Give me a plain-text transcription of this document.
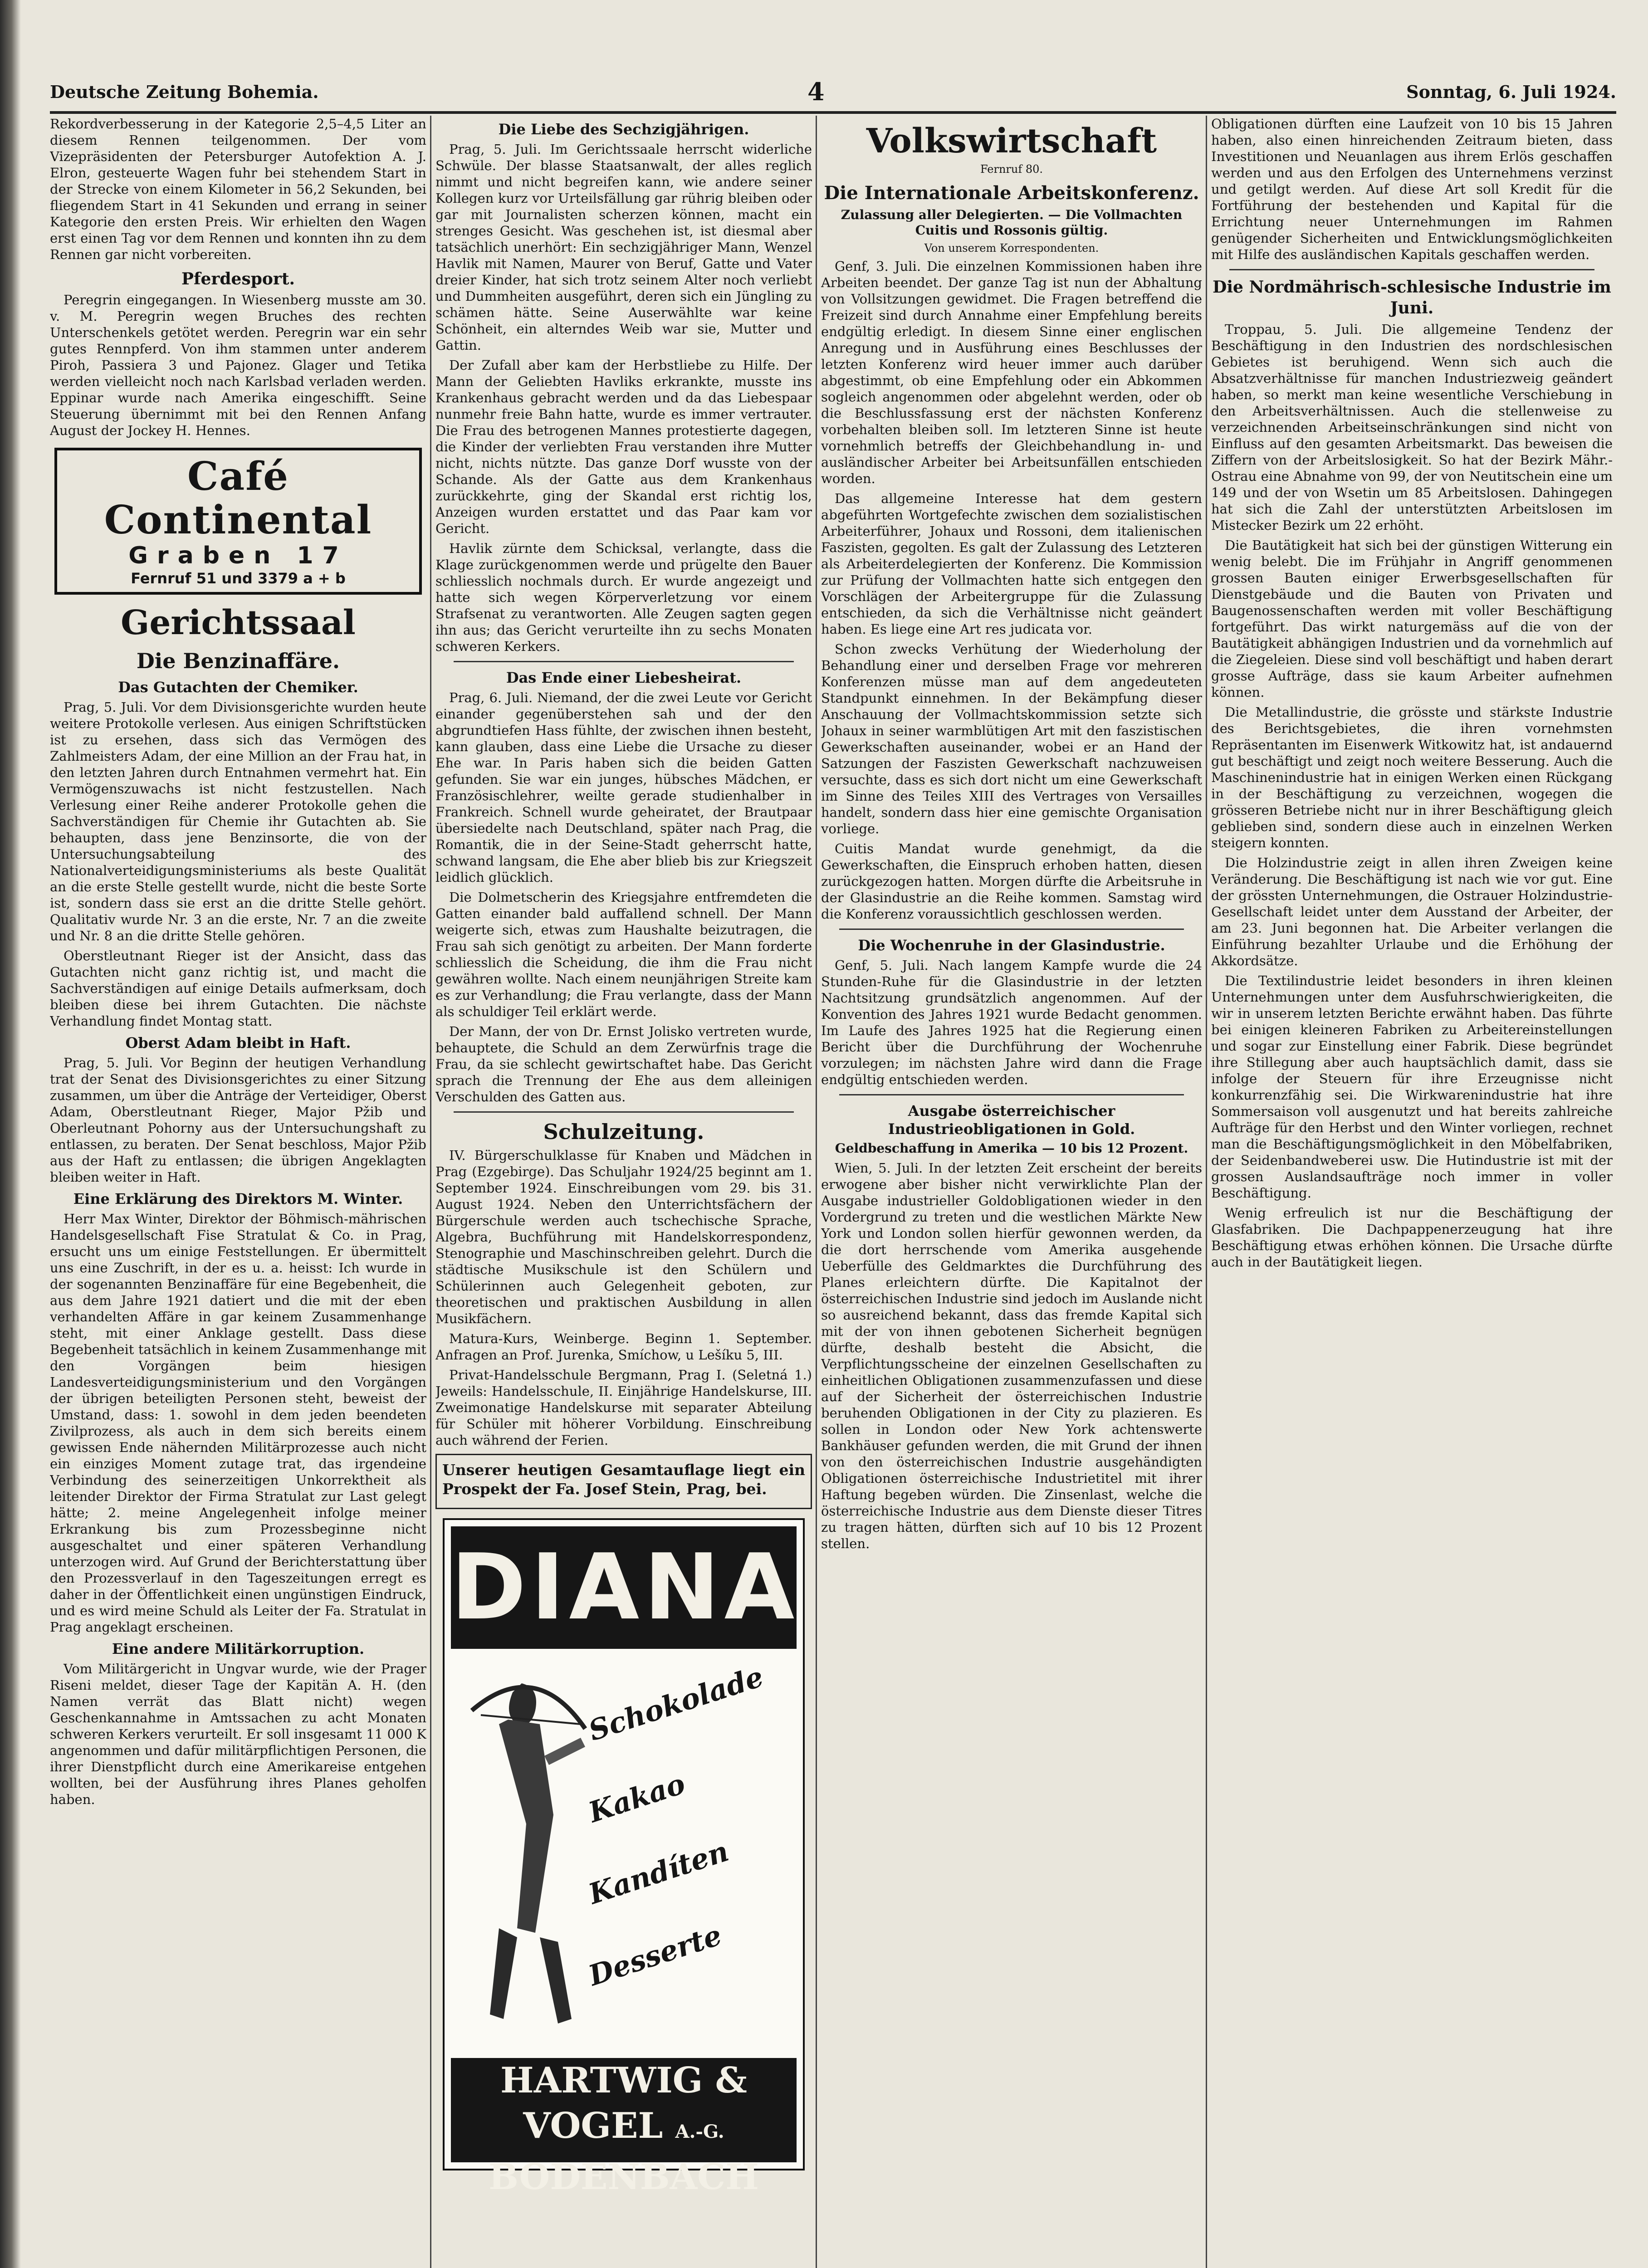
Deutsche Zeitung Bohemia.	4	Sonntag, 6. Juli 1924.

Rekordverbesserung in der Kategorie 2,5–4,5 Liter an diesem Rennen teilgenommen. Der vom Vizepräsidenten der Petersburger Autofektion A. J. Elron, gesteuerte Wagen fuhr bei stehendem Start in der Strecke von einem Kilometer in 56,2 Sekunden, bei fliegendem Start in 41 Sekunden und errang in seiner Kategorie den ersten Preis. Wir erhielten den Wagen erst einen Tag vor dem Rennen und konnten ihn zu dem Rennen gar nicht vorbereiten.

Pferdesport.

Peregrin eingegangen. In Wiesenberg musste am 30. v. M. Peregrin wegen Bruches des rechten Unterschenkels getötet werden. Peregrin war ein sehr gutes Rennpferd. Von ihm stammen unter anderem Piroh, Passiera 3 und Pajonez. Glager und Tetika werden vielleicht noch nach Karlsbad verladen werden. Eppinar wurde nach Amerika eingeschifft. Seine Steuerung übernimmt mit bei den Rennen Anfang August der Jockey H. Hennes.

Café Continental
Graben 17
Fernruf 51 und 3379 a + b
Gerichtssaal
Die Benzinaffäre.
Das Gutachten der Chemiker.

Prag, 5. Juli. Vor dem Divisionsgerichte wurden heute weitere Protokolle verlesen. Aus einigen Schriftstücken ist zu ersehen, dass sich das Vermögen des Zahlmeisters Adam, der eine Million an der Frau hat, in den letzten Jahren durch Entnahmen vermehrt hat. Ein Vermögenszuwachs ist nicht festzustellen. Nach Verlesung einer Reihe anderer Protokolle gehen die Sachverständigen für Chemie ihr Gutachten ab. Sie behaupten, dass jene Benzinsorte, die von der Untersuchungsabteilung des Nationalverteidigungsministeriums als beste Qualität an die erste Stelle gestellt wurde, nicht die beste Sorte ist, sondern dass sie erst an die dritte Stelle gehört. Qualitativ wurde Nr. 3 an die erste, Nr. 7 an die zweite und Nr. 8 an die dritte Stelle gehören.

Oberstleutnant Rieger ist der Ansicht, dass das Gutachten nicht ganz richtig ist, und macht die Sachverständigen auf einige Details aufmerksam, doch bleiben diese bei ihrem Gutachten. Die nächste Verhandlung findet Montag statt.

Oberst Adam bleibt in Haft.

Prag, 5. Juli. Vor Beginn der heutigen Verhandlung trat der Senat des Divisionsgerichtes zu einer Sitzung zusammen, um über die Anträge der Verteidiger, Oberst Adam, Oberstleutnant Rieger, Major Pžib und Oberleutnant Pohorny aus der Untersuchungshaft zu entlassen, zu beraten. Der Senat beschloss, Major Pžib aus der Haft zu entlassen; die übrigen Angeklagten bleiben weiter in Haft.

Eine Erklärung des Direktors M. Winter.

Herr Max Winter, Direktor der Böhmisch-mährischen Handelsgesellschaft Fise Stratulat & Co. in Prag, ersucht uns um einige Feststellungen. Er übermittelt uns eine Zuschrift, in der es u. a. heisst: Ich wurde in der sogenannten Benzinaffäre für eine Begebenheit, die aus dem Jahre 1921 datiert und die mit der eben verhandelten Affäre in gar keinem Zusammenhange steht, mit einer Anklage gestellt. Dass diese Begebenheit tatsächlich in keinem Zusammenhange mit den Vorgängen beim hiesigen Landesverteidigungsministerium und den Vorgängen der übrigen beteiligten Personen steht, beweist der Umstand, dass: 1. sowohl in dem jeden beendeten Zivilprozess, als auch in dem sich bereits einem gewissen Ende nähernden Militärprozesse auch nicht ein einziges Moment zutage trat, das irgendeine Verbindung des seinerzeitigen Unkorrektheit als leitender Direktor der Firma Stratulat zur Last gelegt hätte; 2. meine Angelegenheit infolge meiner Erkrankung bis zum Prozessbeginne nicht ausgeschaltet und einer späteren Verhandlung unterzogen wird. Auf Grund der Berichterstattung über den Prozessverlauf in den Tageszeitungen erregt es daher in der Öffentlichkeit einen ungünstigen Eindruck, und es wird meine Schuld als Leiter der Fa. Stratulat in Prag angeklagt erscheinen.

Eine andere Militärkorruption.

Vom Militärgericht in Ungvar wurde, wie der Prager Riseni meldet, dieser Tage der Kapitän A. H. (den Namen verrät das Blatt nicht) wegen Geschenkannahme in Amtssachen zu acht Monaten schweren Kerkers verurteilt. Er soll insgesamt 11 000 K angenommen und dafür militärpflichtigen Personen, die ihrer Dienstpflicht durch eine Amerikareise entgehen wollten, bei der Ausführung ihres Planes geholfen haben.

Die Liebe des Sechzigjährigen.

Prag, 5. Juli. Im Gerichtssaale herrscht widerliche Schwüle. Der blasse Staatsanwalt, der alles reglich nimmt und nicht begreifen kann, wie andere seiner Kollegen kurz vor Urteilsfällung gar rührig bleiben oder gar mit Journalisten scherzen können, macht ein strenges Gesicht. Was geschehen ist, ist diesmal aber tatsächlich unerhört: Ein sechzigjähriger Mann, Wenzel Havlik mit Namen, Maurer von Beruf, Gatte und Vater dreier Kinder, hat sich trotz seinem Alter noch verliebt und Dummheiten ausgeführt, deren sich ein Jüngling zu schämen hätte. Seine Auserwählte war keine Schönheit, ein alterndes Weib war sie, Mutter und Gattin.

Der Zufall aber kam der Herbstliebe zu Hilfe. Der Mann der Geliebten Havliks erkrankte, musste ins Krankenhaus gebracht werden und da das Liebespaar nunmehr freie Bahn hatte, wurde es immer vertrauter. Die Frau des betrogenen Mannes protestierte dagegen, die Kinder der verliebten Frau verstanden ihre Mutter nicht, nichts nützte. Das ganze Dorf wusste von der Schande. Als der Gatte aus dem Krankenhaus zurückkehrte, ging der Skandal erst richtig los, Anzeigen wurden erstattet und das Paar kam vor Gericht.

Havlik zürnte dem Schicksal, verlangte, dass die Klage zurückgenommen werde und prügelte den Bauer schliesslich nochmals durch. Er wurde angezeigt und hatte sich wegen Körperverletzung vor einem Strafsenat zu verantworten. Alle Zeugen sagten gegen ihn aus; das Gericht verurteilte ihn zu sechs Monaten schweren Kerkers.

Das Ende einer Liebesheirat.

Prag, 6. Juli. Niemand, der die zwei Leute vor Gericht einander gegenüberstehen sah und der den abgrundtiefen Hass fühlte, der zwischen ihnen besteht, kann glauben, dass eine Liebe die Ursache zu dieser Ehe war. In Paris haben sich die beiden Gatten gefunden. Sie war ein junges, hübsches Mädchen, er Französischlehrer, weilte gerade studienhalber in Frankreich. Schnell wurde geheiratet, der Brautpaar übersiedelte nach Deutschland, später nach Prag, die Romantik, die in der Seine-Stadt geherrscht hatte, schwand langsam, die Ehe aber blieb bis zur Kriegszeit leidlich glücklich.

Die Dolmetscherin des Kriegsjahre entfremdeten die Gatten einander bald auffallend schnell. Der Mann weigerte sich, etwas zum Haushalte beizutragen, die Frau sah sich genötigt zu arbeiten. Der Mann forderte schliesslich die Scheidung, die ihm die Frau nicht gewähren wollte. Nach einem neunjährigen Streite kam es zur Verhandlung; die Frau verlangte, dass der Mann als schuldiger Teil erklärt werde.

Der Mann, der von Dr. Ernst Jolisko vertreten wurde, behauptete, die Schuld an dem Zerwürfnis trage die Frau, da sie schlecht gewirtschaftet habe. Das Gericht sprach die Trennung der Ehe aus dem alleinigen Verschulden des Gatten aus.

Schulzeitung.

IV. Bürgerschulklasse für Knaben und Mädchen in Prag (Ezgebirge). Das Schuljahr 1924/25 beginnt am 1. September 1924. Einschreibungen vom 29. bis 31. August 1924. Neben den Unterrichtsfächern der Bürgerschule werden auch tschechische Sprache, Algebra, Buchführung mit Handelskorrespondenz, Stenographie und Maschinschreiben gelehrt. Durch die städtische Musikschule ist den Schülern und Schülerinnen auch Gelegenheit geboten, zur theoretischen und praktischen Ausbildung in allen Musikfächern.

Matura-Kurs, Weinberge. Beginn 1. September. Anfragen an Prof. Jurenka, Smíchow, u Lešíku 5, III.

Privat-Handelsschule Bergmann, Prag I. (Seletná 1.) Jeweils: Handelsschule, II. Einjährige Handelskurse, III. Zweimonatige Handelskurse mit separater Abteilung für Schüler mit höherer Vorbildung. Einschreibung auch während der Ferien.

Unserer heutigen Gesamtauflage liegt ein Prospekt der Fa. Josef Stein, Prag, bei.

DIANA
Schokolade
Kakao
Kandíten
Desserte
HARTWIG & VOGEL A.-G.
BODENBACH
Volkswirtschaft
Fernruf 80.
Die Internationale Arbeitskonferenz.
Zulassung aller Delegierten. — Die Vollmachten Cuitis und Rossonis gültig.
Von unserem Korrespondenten.

Genf, 3. Juli. Die einzelnen Kommissionen haben ihre Arbeiten beendet. Der ganze Tag ist nun der Abhaltung von Vollsitzungen gewidmet. Die Fragen betreffend die Freizeit sind durch Annahme einer Empfehlung bereits endgültig erledigt. In diesem Sinne einer englischen Anregung und in Ausführung eines Beschlusses der letzten Konferenz wird heuer immer auch darüber abgestimmt, ob eine Empfehlung oder ein Abkommen sogleich angenommen oder abgelehnt werden, oder ob die Beschlussfassung erst der nächsten Konferenz vorbehalten bleiben soll. Im letzteren Sinne ist heute vornehmlich betreffs der Gleichbehandlung in- und ausländischer Arbeiter bei Arbeitsunfällen entschieden worden.

Das allgemeine Interesse hat dem gestern abgeführten Wortgefechte zwischen dem sozialistischen Arbeiterführer, Johaux und Rossoni, dem italienischen Faszisten, gegolten. Es galt der Zulassung des Letzteren als Arbeiterdelegierten der Konferenz. Die Kommission zur Prüfung der Vollmachten hatte sich entgegen den Vorschlägen der Arbeitergruppe für die Zulassung entschieden, da sich die Verhältnisse nicht geändert haben. Es liege eine Art res judicata vor.

Schon zwecks Verhütung der Wiederholung der Behandlung einer und derselben Frage vor mehreren Konferenzen müsse man auf dem angedeuteten Standpunkt einnehmen. In der Bekämpfung dieser Anschauung der Vollmachtskommission setzte sich Johaux in seiner warmblütigen Art mit den faszistischen Gewerkschaften auseinander, wobei er an Hand der Satzungen der Faszisten Gewerkschaft nachzuweisen versuchte, dass es sich dort nicht um eine Gewerkschaft im Sinne des Teiles XIII des Vertrages von Versailles handelt, sondern dass hier eine gemischte Organisation vorliege.

Cuitis Mandat wurde genehmigt, da die Gewerkschaften, die Einspruch erhoben hatten, diesen zurückgezogen hatten. Morgen dürfte die Arbeitsruhe in der Glasindustrie an die Reihe kommen. Samstag wird die Konferenz voraussichtlich geschlossen werden.

Die Wochenruhe in der Glasindustrie.

Genf, 5. Juli. Nach langem Kampfe wurde die 24 Stunden-Ruhe für die Glasindustrie in der letzten Nachtsitzung grundsätzlich angenommen. Auf der Konvention des Jahres 1921 wurde Bedacht genommen. Im Laufe des Jahres 1925 hat die Regierung einen Bericht über die Durchführung der Wochenruhe vorzulegen; im nächsten Jahre wird dann die Frage endgültig entschieden werden.

Ausgabe österreichischer Industrieobligationen in Gold.
Geldbeschaffung in Amerika — 10 bis 12 Prozent.

Wien, 5. Juli. In der letzten Zeit erscheint der bereits erwogene aber bisher nicht verwirklichte Plan der Ausgabe industrieller Goldobligationen wieder in den Vordergrund zu treten und die westlichen Märkte New York und London sollen hierfür gewonnen werden, da die dort herrschende vom Amerika ausgehende Ueberfülle des Geldmarktes die Durchführung des Planes erleichtern dürfte. Die Kapitalnot der österreichischen Industrie sind jedoch im Auslande nicht so ausreichend bekannt, dass das fremde Kapital sich mit der von ihnen gebotenen Sicherheit begnügen dürfte, deshalb besteht die Absicht, die Verpflichtungsscheine der einzelnen Gesellschaften zu einheitlichen Obligationen zusammenzufassen und diese auf der Sicherheit der österreichischen Industrie beruhenden Obligationen in der City zu plazieren. Es sollen in London oder New York achtenswerte Bankhäuser gefunden werden, die mit Grund der ihnen von den österreichischen Industrie ausgehändigten Obligationen österreichische Industrietitel mit ihrer Haftung begeben würden. Die Zinsenlast, welche die österreichische Industrie aus dem Dienste dieser Titres zu tragen hätten, dürften sich auf 10 bis 12 Prozent stellen.

Obligationen dürften eine Laufzeit von 10 bis 15 Jahren haben, also einen hinreichenden Zeitraum bieten, dass Investitionen und Neuanlagen aus ihrem Erlös geschaffen werden und aus den Erfolgen des Unternehmens verzinst und getilgt werden. Auf diese Art soll Kredit für die Fortführung der bestehenden und Kapital für die Errichtung neuer Unternehmungen im Rahmen genügender Sicherheiten und Entwicklungsmöglichkeiten mit Hilfe des ausländischen Kapitals geschaffen werden.

Die Nordmährisch-schlesische Industrie im Juni.

Troppau, 5. Juli. Die allgemeine Tendenz der Beschäftigung in den Industrien des nordschlesischen Gebietes ist beruhigend. Wenn sich auch die Absatzverhältnisse für manchen Industriezweig geändert haben, so merkt man keine wesentliche Verschiebung in den Arbeitsverhältnissen. Auch die stellenweise zu verzeichnenden Arbeitseinschränkungen sind nicht von Einfluss auf den gesamten Arbeitsmarkt. Das beweisen die Ziffern von der Arbeitslosigkeit. So hat der Bezirk Mähr.-Ostrau eine Abnahme von 99, der von Neutitschein eine um 149 und der von Wsetin um 85 Arbeitslosen. Dahingegen hat sich die Zahl der unterstützten Arbeitslosen im Mistecker Bezirk um 22 erhöht.

Die Bautätigkeit hat sich bei der günstigen Witterung ein wenig belebt. Die im Frühjahr in Angriff genommenen grossen Bauten einiger Erwerbsgesellschaften für Dienstgebäude und die Bauten von Privaten und Baugenossenschaften werden mit voller Beschäftigung fortgeführt. Das wirkt naturgemäss auf die von der Bautätigkeit abhängigen Industrien und da vornehmlich auf die Ziegeleien. Diese sind voll beschäftigt und haben derart grosse Aufträge, dass sie kaum Arbeiter aufnehmen können.

Die Metallindustrie, die grösste und stärkste Industrie des Berichtsgebietes, die ihren vornehmsten Repräsentanten im Eisenwerk Witkowitz hat, ist andauernd gut beschäftigt und zeigt noch weitere Besserung. Auch die Maschinenindustrie hat in einigen Werken einen Rückgang in der Beschäftigung zu verzeichnen, wogegen die grösseren Betriebe nicht nur in ihrer Beschäftigung gleich geblieben sind, sondern diese auch in einzelnen Werken steigern konnten.

Die Holzindustrie zeigt in allen ihren Zweigen keine Veränderung. Die Beschäftigung ist nach wie vor gut. Eine der grössten Unternehmungen, die Ostrauer Holzindustrie-Gesellschaft leidet unter dem Ausstand der Arbeiter, der am 23. Juni begonnen hat. Die Arbeiter verlangen die Einführung bezahlter Urlaube und die Erhöhung der Akkordsätze.

Die Textilindustrie leidet besonders in ihren kleinen Unternehmungen unter dem Ausfuhrschwierigkeiten, die wir in unserem letzten Berichte erwähnt haben. Das führte bei einigen kleineren Fabriken zu Arbeitereinstellungen und sogar zur Einstellung einer Fabrik. Diese begründet ihre Stillegung aber auch hauptsächlich damit, dass sie infolge der Steuern für ihre Erzeugnisse nicht konkurrenzfähig sei. Die Wirkwarenindustrie hat ihre Sommersaison voll ausgenutzt und hat bereits zahlreiche Aufträge für den Herbst und den Winter vorliegen, rechnet man die Beschäftigungsmöglichkeit in den Möbelfabriken, der Seidenbandweberei usw. Die Hutindustrie ist mit der grossen Auslandsaufträge noch immer in voller Beschäftigung.

Wenig erfreulich ist nur die Beschäftigung der Glasfabriken. Die Dachpappenerzeugung hat ihre Beschäftigung etwas erhöhen können. Die Ursache dürfte auch in der Bautätigkeit liegen.
